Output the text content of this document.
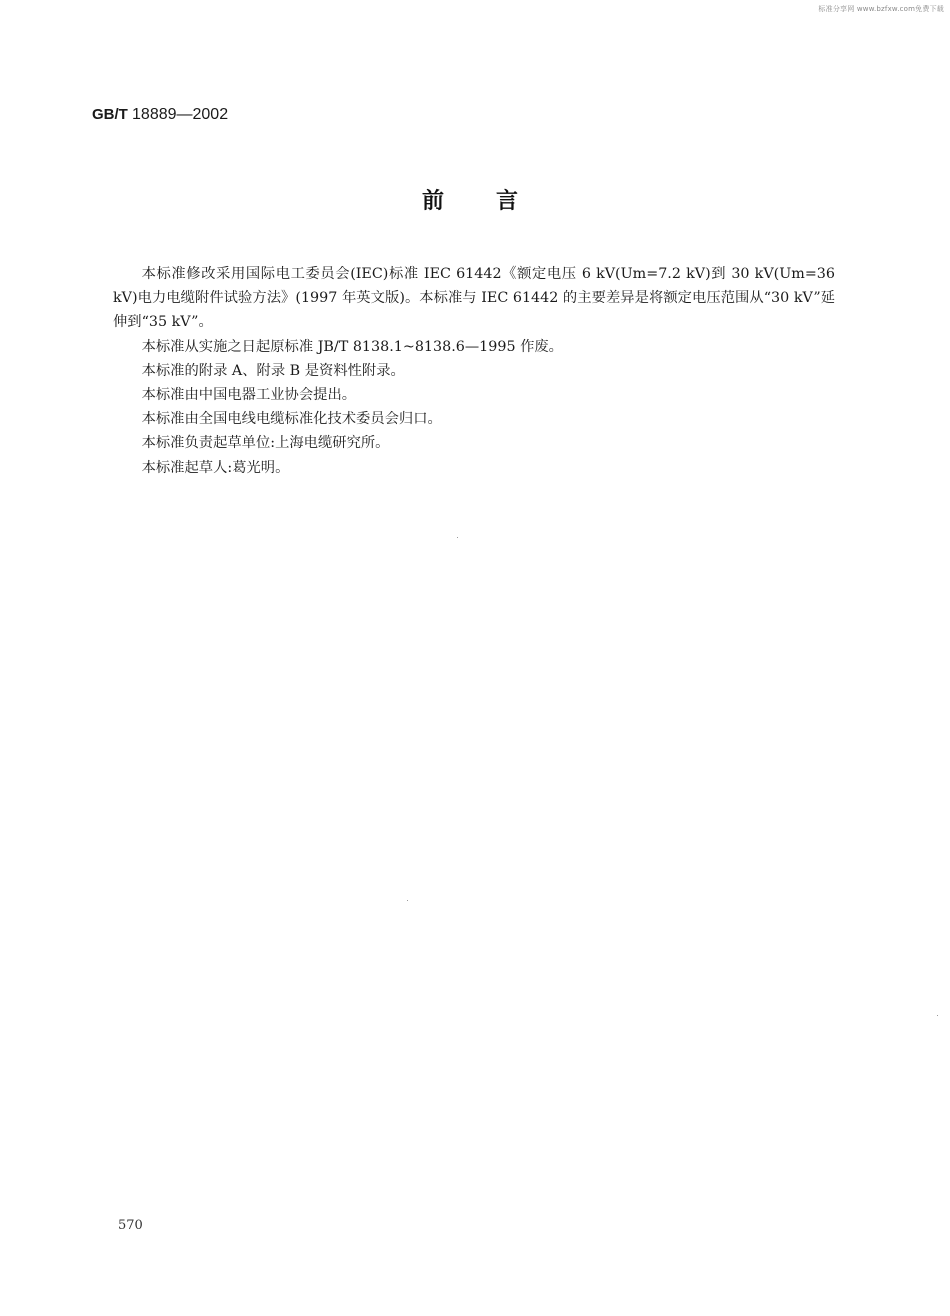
标准分享网 www.bzfxw.com免费下载
GB/T 18889—2002
前言

本标准修改采用国际电工委员会(IEC)标准 IEC 61442《额定电压 6 kV(Um=7.2 kV)到 30 kV(Um=36 kV)电力电缆附件试验方法》(1997 年英文版)。本标准与 IEC 61442 的主要差异是将额定电压范围从“30 kV”延伸到“35 kV”。

本标准从实施之日起原标准 JB/T 8138.1~8138.6—1995 作废。

本标准的附录 A、附录 B 是资料性附录。

本标准由中国电器工业协会提出。

本标准由全国电线电缆标准化技术委员会归口。

本标准负责起草单位:上海电缆研究所。

本标准起草人:葛光明。

570
